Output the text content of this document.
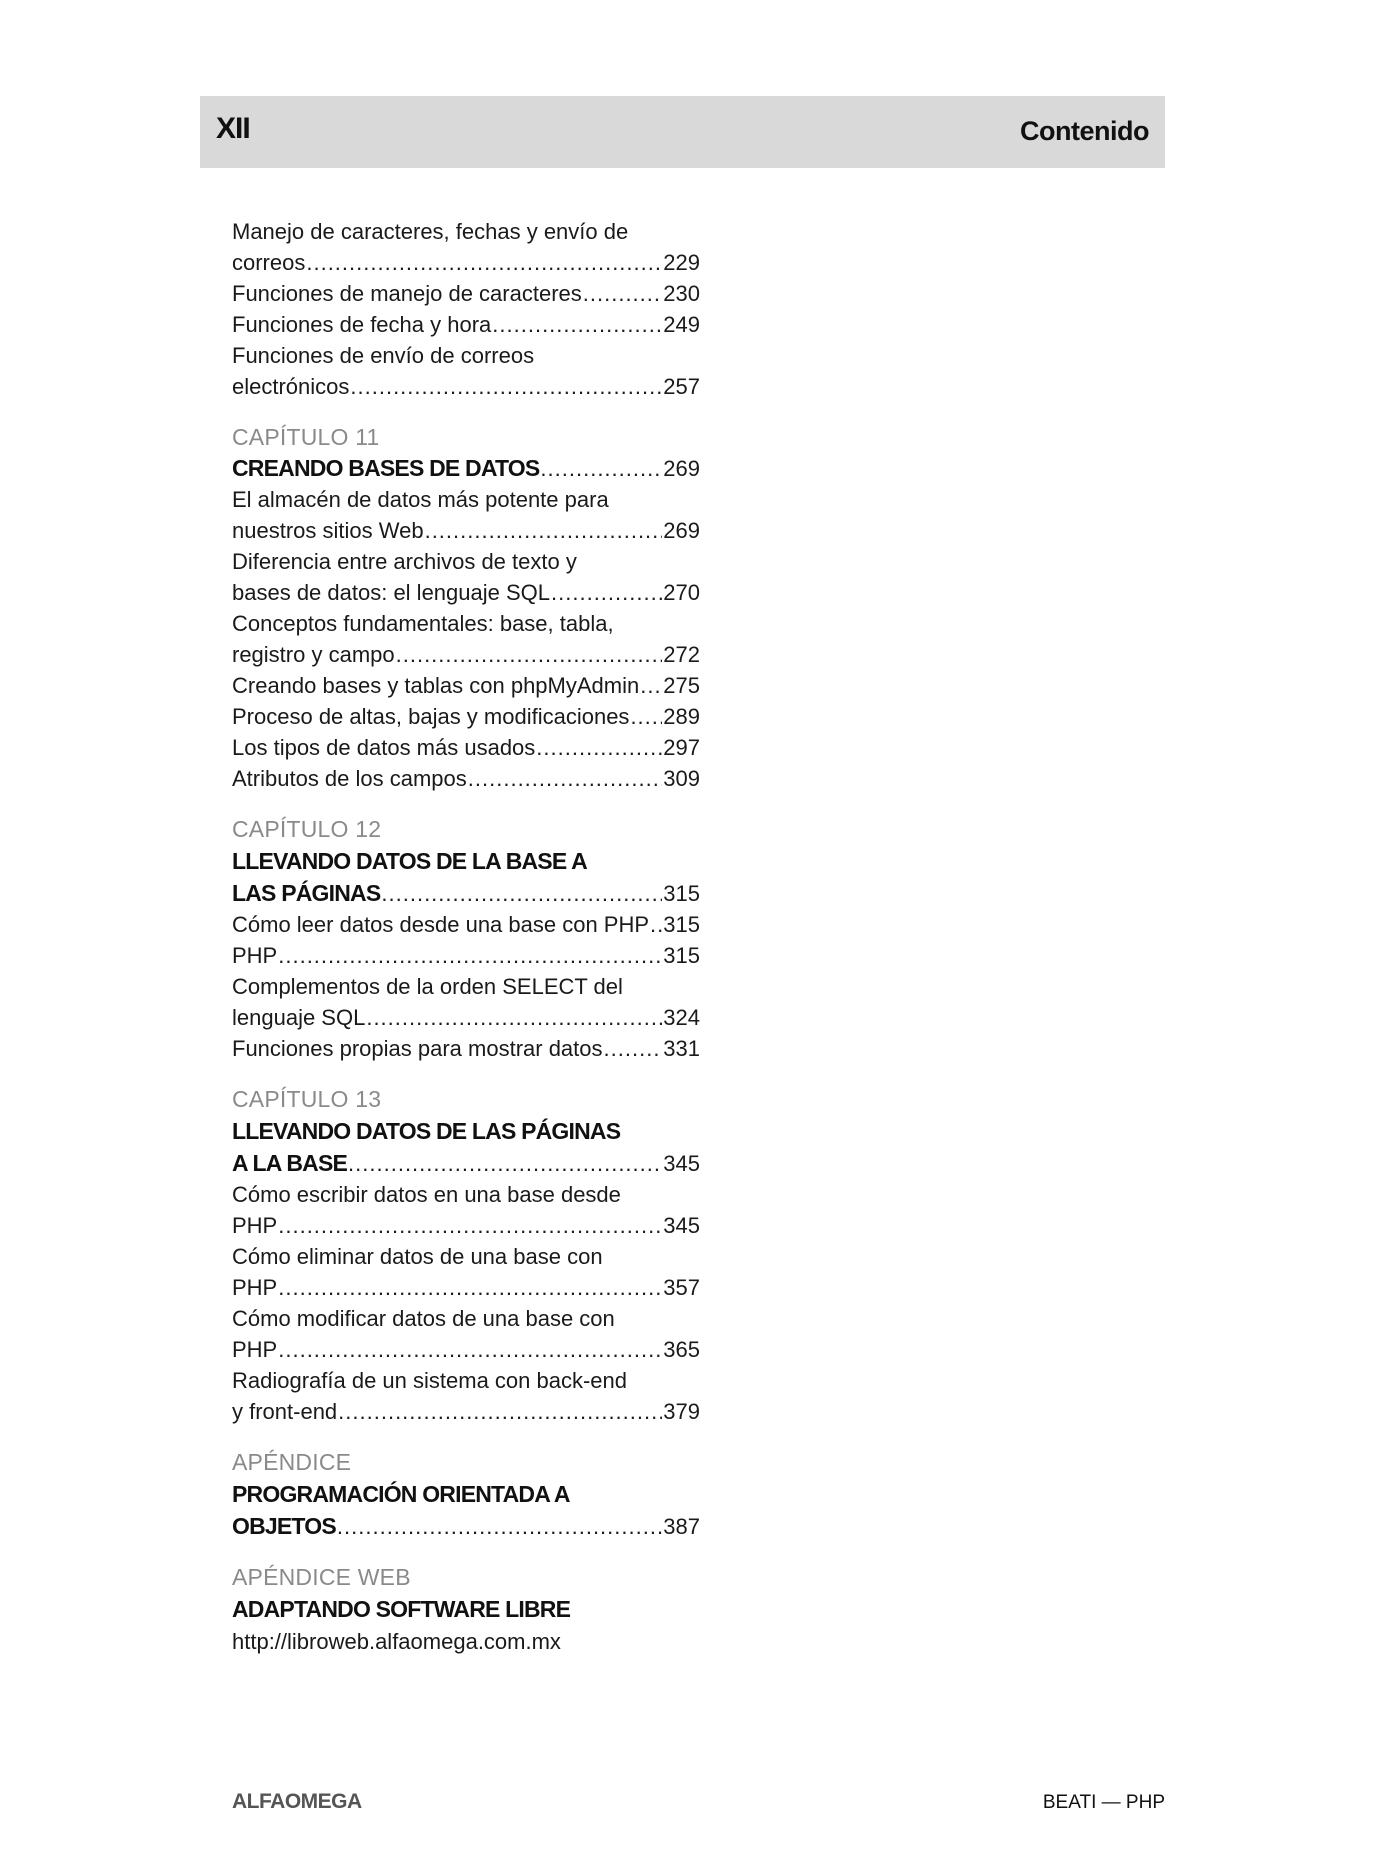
XII	Contenido
Manejo de caracteres, fechas y envío de
correos .....	229
Funciones de manejo de caracteres .....	230
Funciones de fecha y hora .....	249
Funciones de envío de correos
electrónicos .....	257
CAPÍTULO 11
CREANDO BASES DE DATOS .....	269
El almacén de datos más potente para
nuestros sitios Web .....	269
Diferencia entre archivos de texto y
bases de datos: el lenguaje SQL .....	270
Conceptos fundamentales: base, tabla,
registro y campo .....	272
Creando bases y tablas con phpMyAdmin ..... 275
Proceso de altas, bajas y modificaciones ..... 289
Los tipos de datos más usados .....	297
Atributos de los campos .....	309
CAPÍTULO 12
LLEVANDO DATOS DE LA BASE A
LAS PÁGINAS .....	315
Cómo leer datos desde una base con PHP ..... 315
PHP .....	315
Complementos de la orden SELECT del
lenguaje SQL .....	324
Funciones propias para mostrar datos .....	331
CAPÍTULO 13
LLEVANDO DATOS DE LAS PÁGINAS
A LA BASE .....	345
Cómo escribir datos en una base desde
PHP .....	345
Cómo eliminar datos de una base con
PHP .....	357
Cómo modificar datos de una base con
PHP .....	365
Radiografía de un sistema con back-end
y front-end .....	379
APÉNDICE
PROGRAMACIÓN ORIENTADA A
OBJETOS .....	387
APÉNDICE WEB
ADAPTANDO SOFTWARE LIBRE
http://libroweb.alfaomega.com.mx
ALFAOMEGA	BEATI — PHP
